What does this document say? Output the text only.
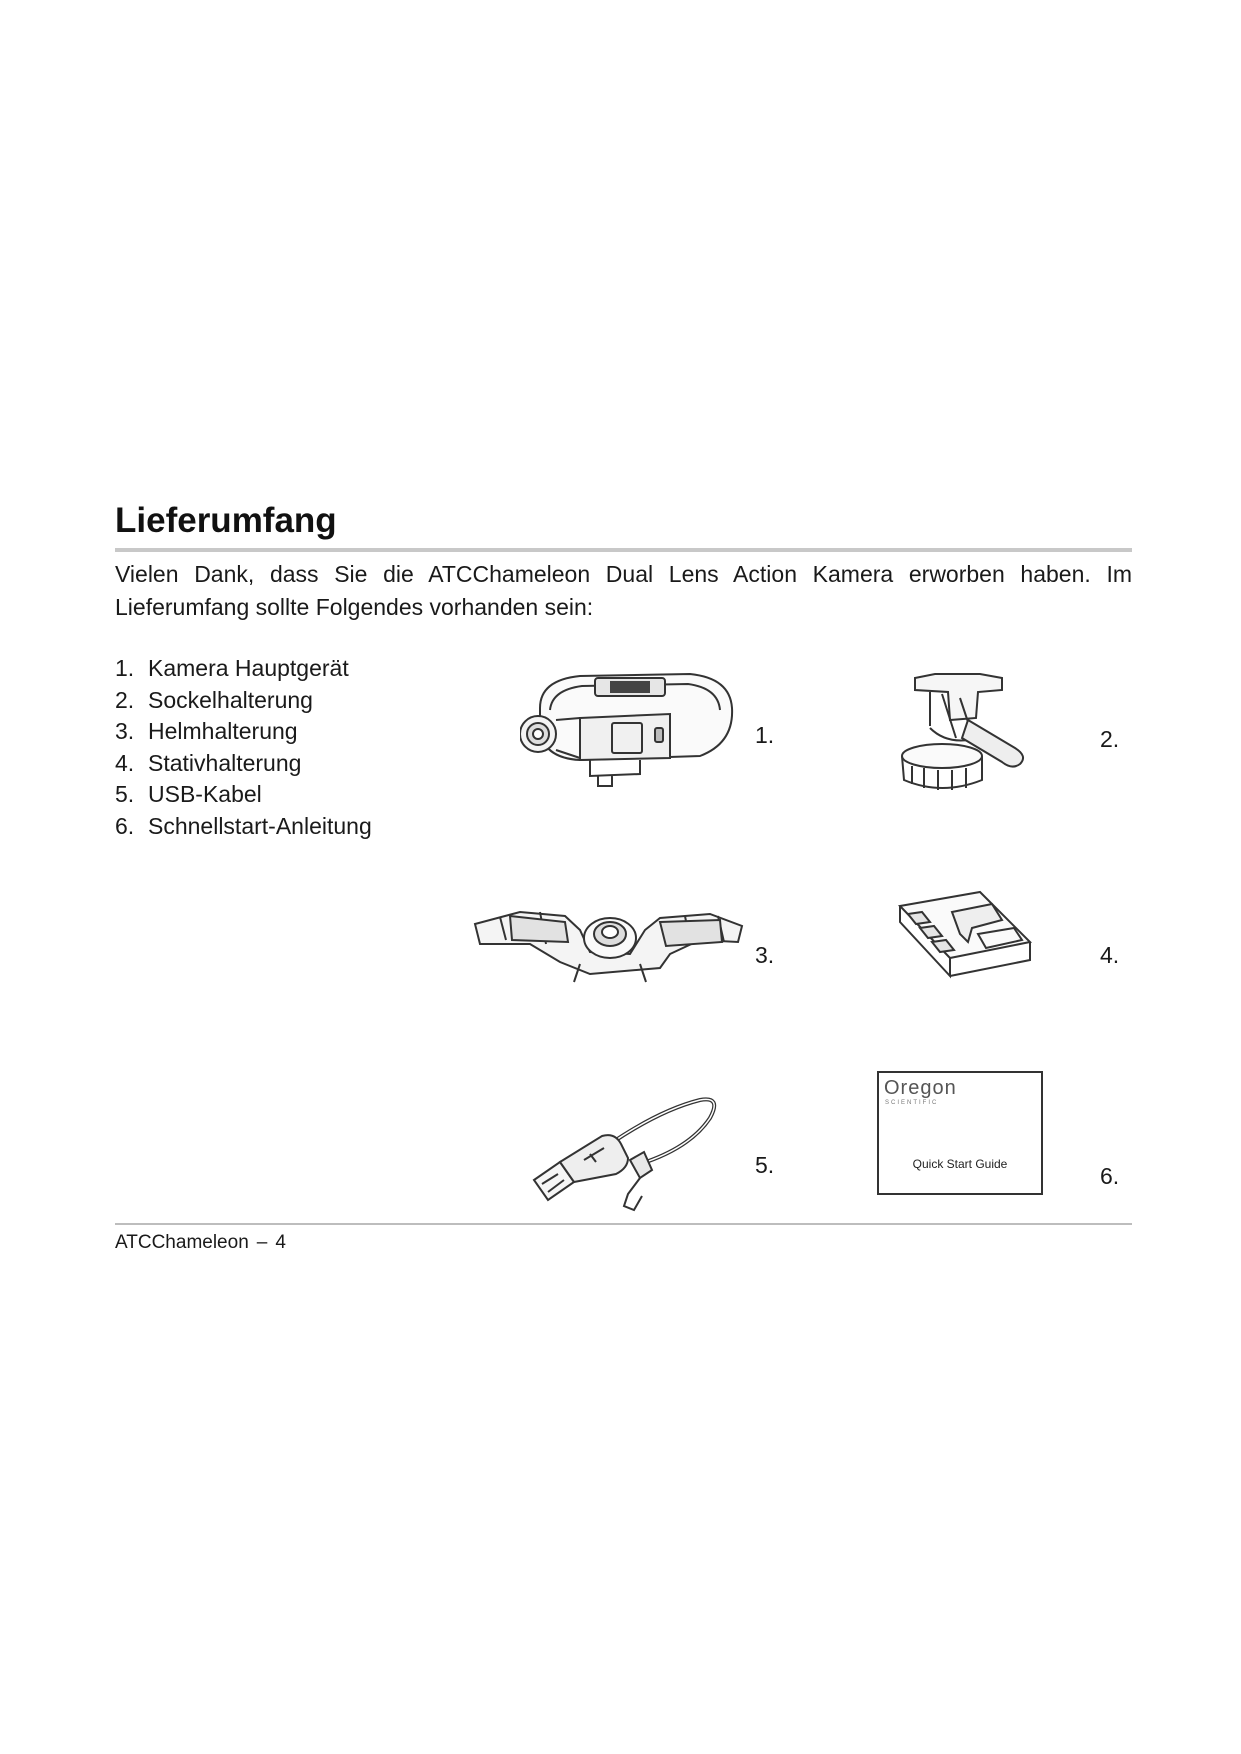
Lieferumfang

Vielen Dank, dass Sie die ATCChameleon Dual Lens Action Kamera erworben haben. Im Lieferumfang sollte Folgendes vorhanden sein:

1. Kamera Hauptgerät
2. Sockelhalterung
3. Helmhalterung
4. Stativhalterung
5. USB-Kabel
6. Schnellstart-Anleitung
1.	2.
3.	4.
5.
Oregon
SCIENTIFIC
Quick Start Guide	6.
ATCChameleon – 4
